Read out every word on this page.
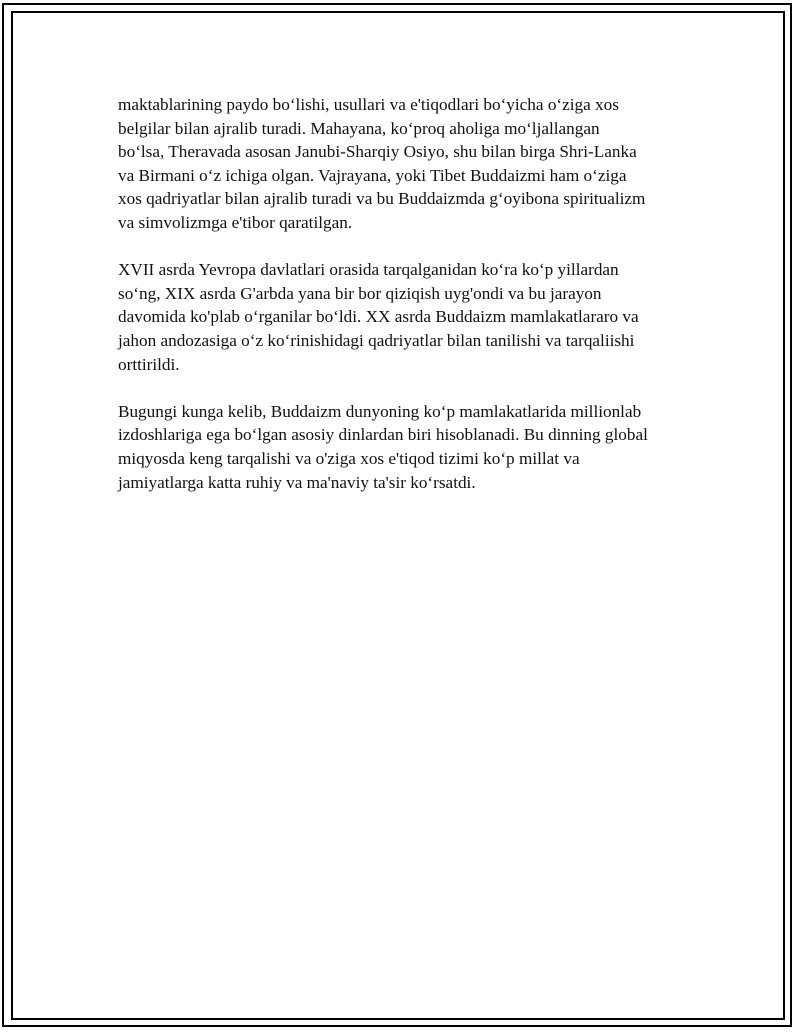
maktablarining paydo bo‘lishi, usullari va e'tiqodlari bo‘yicha o‘ziga xos
belgilar bilan ajralib turadi. Mahayana, ko‘proq aholiga mo‘ljallangan
bo‘lsa, Theravada asosan Janubi-Sharqiy Osiyo, shu bilan birga Shri-Lanka
va Birmani o‘z ichiga olgan. Vajrayana, yoki Tibet Buddaizmi ham o‘ziga
xos qadriyatlar bilan ajralib turadi va bu Buddaizmda g‘oyibona spiritualizm
va simvolizmga e'tibor qaratilgan.

XVII asrda Yevropa davlatlari orasida tarqalganidan ko‘ra ko‘p yillardan
so‘ng, XIX asrda G'arbda yana bir bor qiziqish uyg'ondi va bu jarayon
davomida ko'plab o‘rganilar bo‘ldi. XX asrda Buddaizm mamlakatlararo va
jahon andozasiga o‘z ko‘rinishidagi qadriyatlar bilan tanilishi va tarqaliishi
orttirildi.

Bugungi kunga kelib, Buddaizm dunyoning ko‘p mamlakatlarida millionlab
izdoshlariga ega bo‘lgan asosiy dinlardan biri hisoblanadi. Bu dinning global
miqyosda keng tarqalishi va o'ziga xos e'tiqod tizimi ko‘p millat va
jamiyatlarga katta ruhiy va ma'naviy ta'sir ko‘rsatdi.
